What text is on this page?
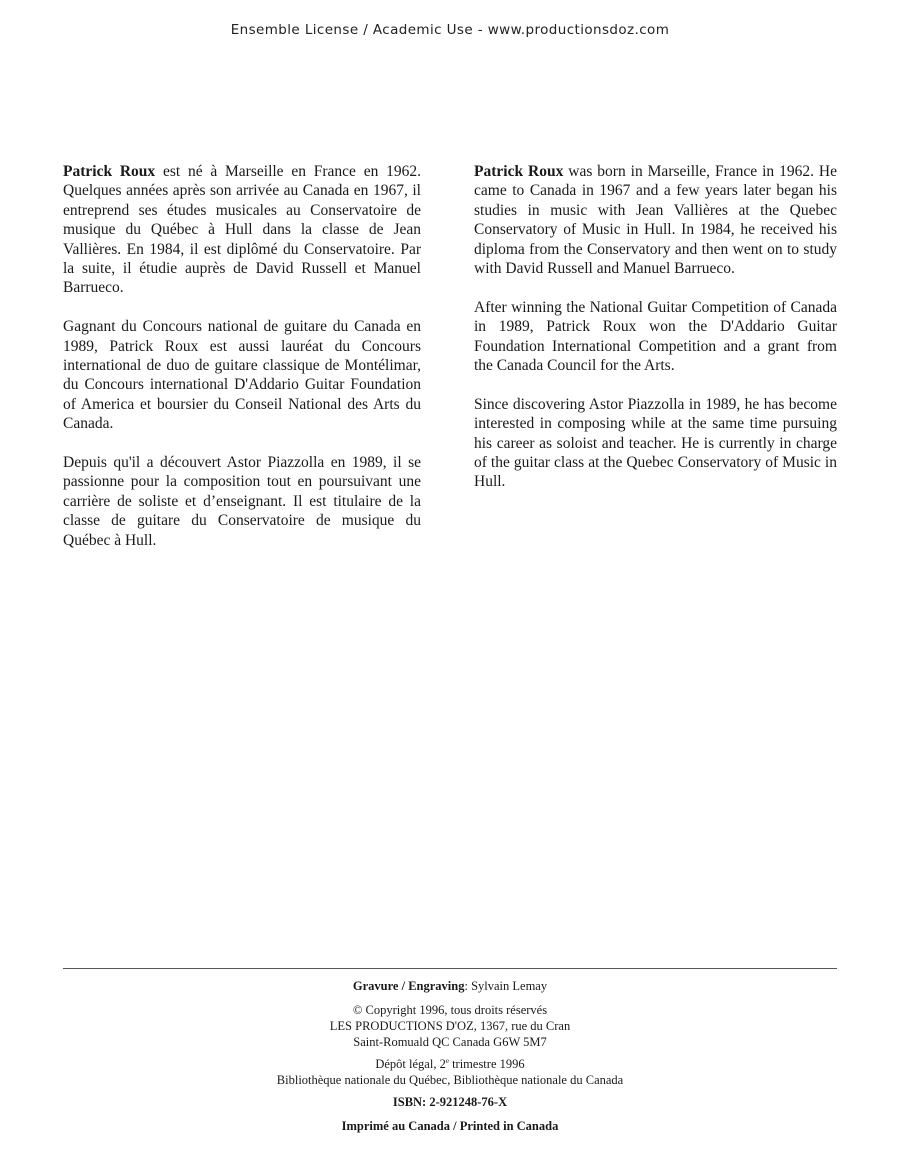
Ensemble License / Academic Use - www.productionsdoz.com

Patrick Roux est né à Marseille en France en 1962. Quelques années après son arrivée au Canada en 1967, il entreprend ses études musicales au Conservatoire de musique du Québec à Hull dans la classe de Jean Vallières. En 1984, il est diplômé du Conservatoire. Par la suite, il étudie auprès de David Russell et Manuel Barrueco.

Gagnant du Concours national de guitare du Canada en 1989, Patrick Roux est aussi lauréat du Concours international de duo de guitare classique de Montélimar, du Concours international D'Addario Guitar Foundation of America et boursier du Conseil National des Arts du Canada.

Depuis qu'il a découvert Astor Piazzolla en 1989, il se passionne pour la composition tout en poursuivant une carrière de soliste et d’enseignant. Il est titulaire de la classe de guitare du Conservatoire de musique du Québec à Hull.

Patrick Roux was born in Marseille, France in 1962. He came to Canada in 1967 and a few years later began his studies in music with Jean Vallières at the Quebec Conservatory of Music in Hull. In 1984, he received his diploma from the Conservatory and then went on to study with David Russell and Manuel Barrueco.

After winning the National Guitar Competition of Canada in 1989, Patrick Roux won the D'Addario Guitar Foundation International Competition and a grant from the Canada Council for the Arts.

Since discovering Astor Piazzolla in 1989, he has become interested in composing while at the same time pursuing his career as soloist and teacher. He is currently in charge of the guitar class at the Quebec Conservatory of Music in Hull.

Gravure / Engraving: Sylvain Lemay
© Copyright 1996, tous droits réservés
LES PRODUCTIONS D'OZ, 1367, rue du Cran
Saint-Romuald QC Canada G6W 5M7
Dépôt légal, 2e trimestre 1996
Bibliothèque nationale du Québec, Bibliothèque nationale du Canada
ISBN: 2-921248-76-X
Imprimé au Canada / Printed in Canada
